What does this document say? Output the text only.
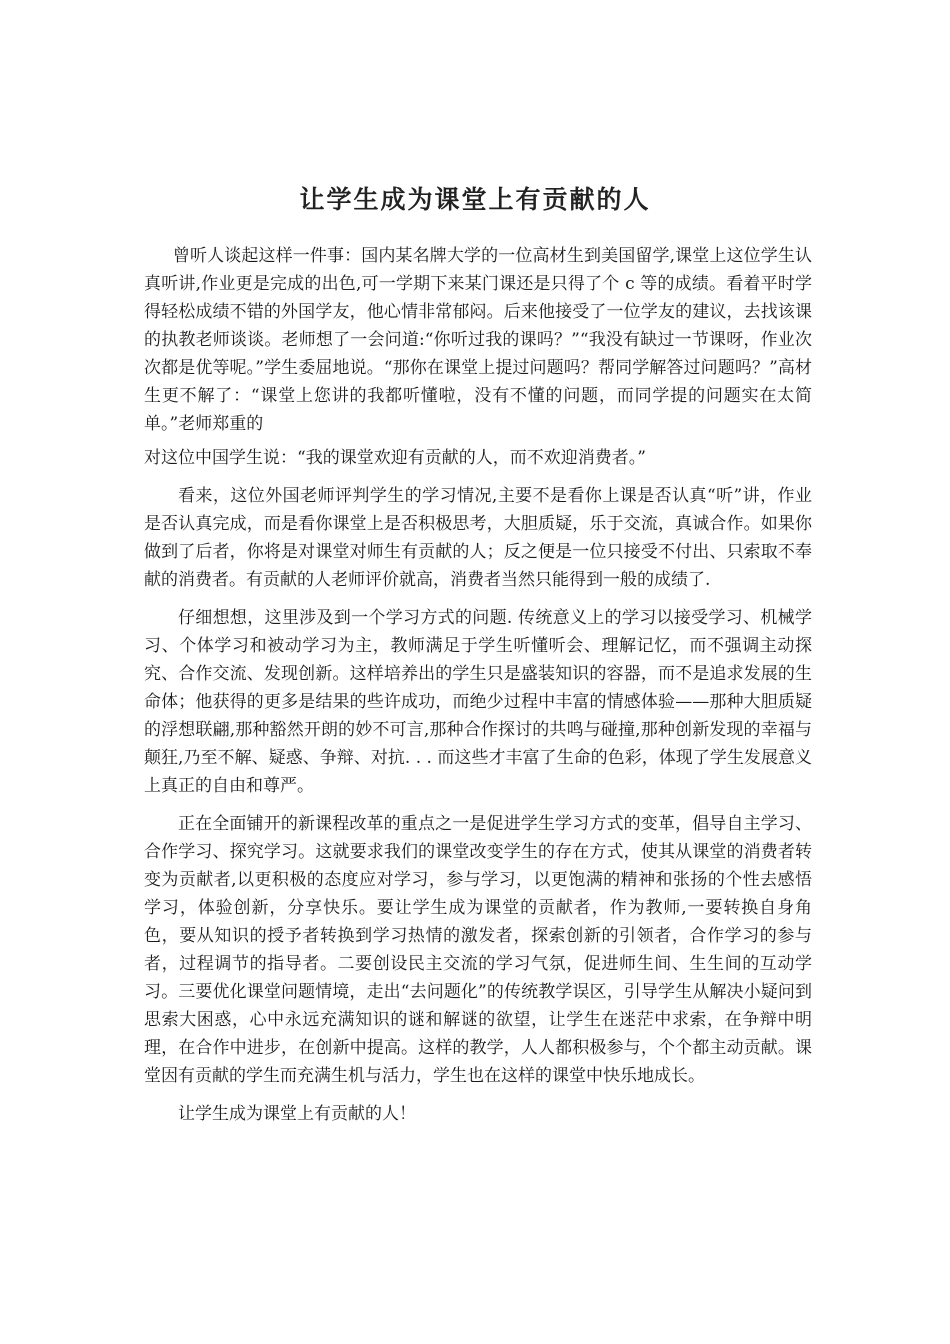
让学生成为课堂上有贡献的人

曾听人谈起这样一件事：国内某名牌大学的一位高材生到美国留学,课堂上这位学生认真听讲,作业更是完成的出色,可一学期下来某门课还是只得了个 c 等的成绩。看着平时学得轻松成绩不错的外国学友，他心情非常郁闷。后来他接受了一位学友的建议，去找该课的执教老师谈谈。老师想了一会问道:“你听过我的课吗？”“我没有缺过一节课呀，作业次次都是优等呢。”学生委屈地说。“那你在课堂上提过问题吗？帮同学解答过问题吗？”高材生更不解了：“课堂上您讲的我都听懂啦，没有不懂的问题，而同学提的问题实在太简单。”老师郑重的

对这位中国学生说：“我的课堂欢迎有贡献的人，而不欢迎消费者。”

看来，这位外国老师评判学生的学习情况,主要不是看你上课是否认真“听”讲，作业是否认真完成，而是看你课堂上是否积极思考，大胆质疑，乐于交流，真诚合作。如果你做到了后者，你将是对课堂对师生有贡献的人；反之便是一位只接受不付出、只索取不奉献的消费者。有贡献的人老师评价就高，消费者当然只能得到一般的成绩了.

仔细想想，这里涉及到一个学习方式的问题. 传统意义上的学习以接受学习、机械学习、个体学习和被动学习为主，教师满足于学生听懂听会、理解记忆，而不强调主动探究、合作交流、发现创新。这样培养出的学生只是盛装知识的容器，而不是追求发展的生命体；他获得的更多是结果的些许成功，而绝少过程中丰富的情感体验——那种大胆质疑的浮想联翩,那种豁然开朗的妙不可言,那种合作探讨的共鸣与碰撞,那种创新发现的幸福与颠狂,乃至不解、疑惑、争辩、对抗. . . 而这些才丰富了生命的色彩，体现了学生发展意义上真正的自由和尊严。

正在全面铺开的新课程改革的重点之一是促进学生学习方式的变革，倡导自主学习、合作学习、探究学习。这就要求我们的课堂改变学生的存在方式，使其从课堂的消费者转变为贡献者,以更积极的态度应对学习，参与学习，以更饱满的精神和张扬的个性去感悟学习，体验创新，分享快乐。要让学生成为课堂的贡献者，作为教师,一要转换自身角色，要从知识的授予者转换到学习热情的激发者，探索创新的引领者，合作学习的参与者，过程调节的指导者。二要创设民主交流的学习气氛，促进师生间、生生间的互动学习。三要优化课堂问题情境，走出“去问题化”的传统教学误区，引导学生从解决小疑问到思索大困惑，心中永远充满知识的谜和解谜的欲望，让学生在迷茫中求索，在争辩中明理，在合作中进步，在创新中提高。这样的教学，人人都积极参与，个个都主动贡献。课堂因有贡献的学生而充满生机与活力，学生也在这样的课堂中快乐地成长。

让学生成为课堂上有贡献的人！
